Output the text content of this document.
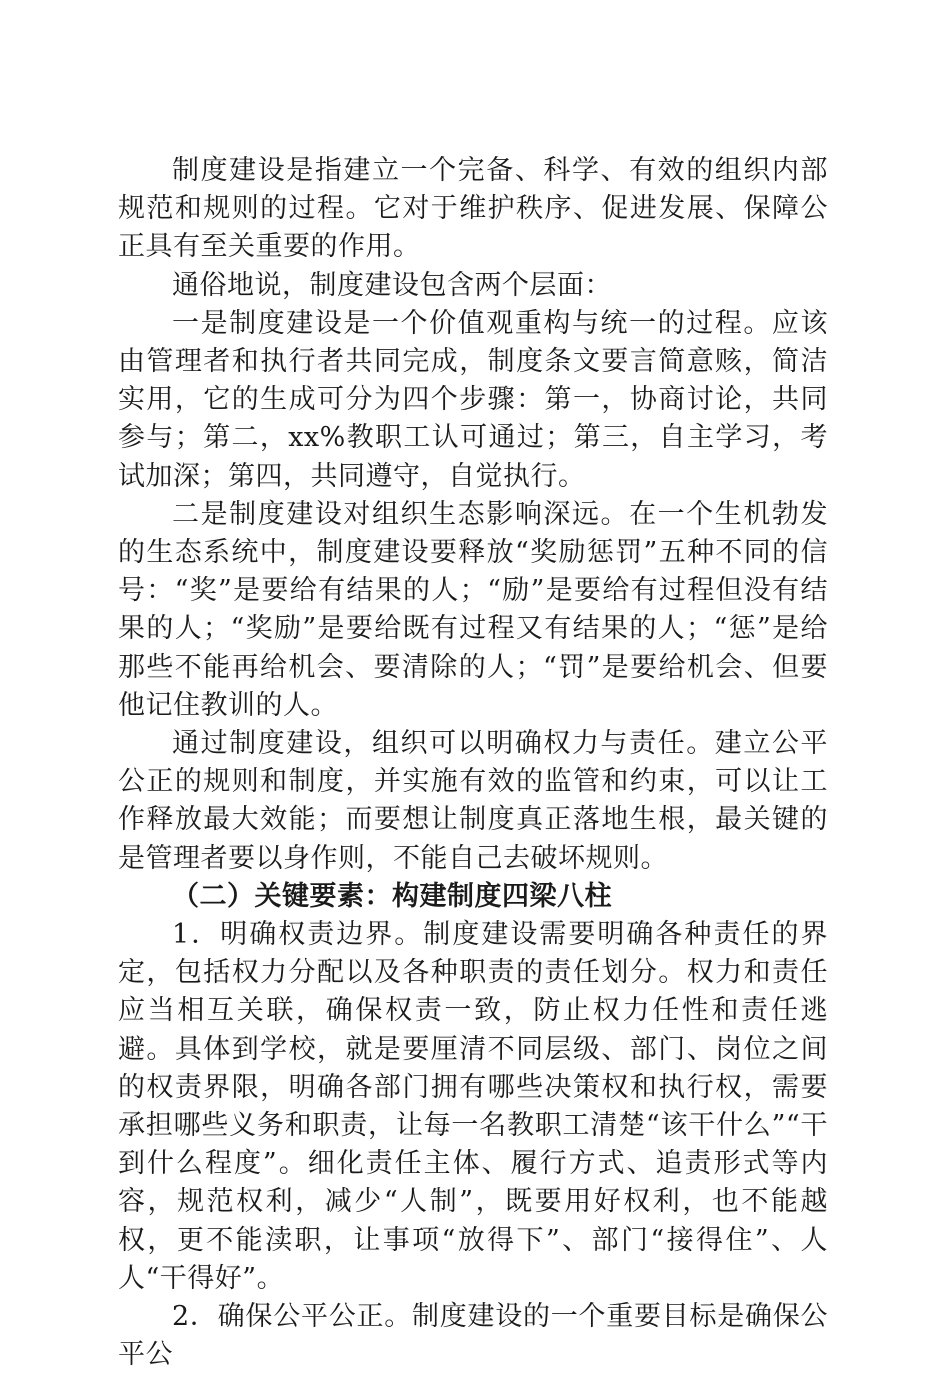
制度建设是指建立一个完备、科学、有效的组织内部规范和规则的过程。它对于维护秩序、促进发展、保障公正具有至关重要的作用。

通俗地说，制度建设包含两个层面：

一是制度建设是一个价值观重构与统一的过程。应该由管理者和执行者共同完成，制度条文要言简意赅，简洁实用，它的生成可分为四个步骤：第一，协商讨论，共同参与；第二，xx%教职工认可通过；第三，自主学习，考试加深；第四，共同遵守，自觉执行。

二是制度建设对组织生态影响深远。在一个生机勃发的生态系统中，制度建设要释放“奖励惩罚”五种不同的信号：“奖”是要给有结果的人；“励”是要给有过程但没有结果的人；“奖励”是要给既有过程又有结果的人；“惩”是给那些不能再给机会、要清除的人；“罚”是要给机会、但要他记住教训的人。

通过制度建设，组织可以明确权力与责任。建立公平公正的规则和制度，并实施有效的监管和约束，可以让工作释放最大效能；而要想让制度真正落地生根，最关键的是管理者要以身作则，不能自己去破坏规则。

（二）关键要素：构建制度四梁八柱

1．明确权责边界。制度建设需要明确各种责任的界定，包括权力分配以及各种职责的责任划分。权力和责任应当相互关联，确保权责一致，防止权力任性和责任逃避。具体到学校，就是要厘清不同层级、部门、岗位之间的权责界限，明确各部门拥有哪些决策权和执行权，需要承担哪些义务和职责，让每一名教职工清楚“该干什么”“干到什么程度”。细化责任主体、履行方式、追责形式等内容，规范权利，减少“人制”，既要用好权利，也不能越权，更不能渎职，让事项“放得下”、部门“接得住”、人人“干得好”。

2．确保公平公正。制度建设的一个重要目标是确保公平公
